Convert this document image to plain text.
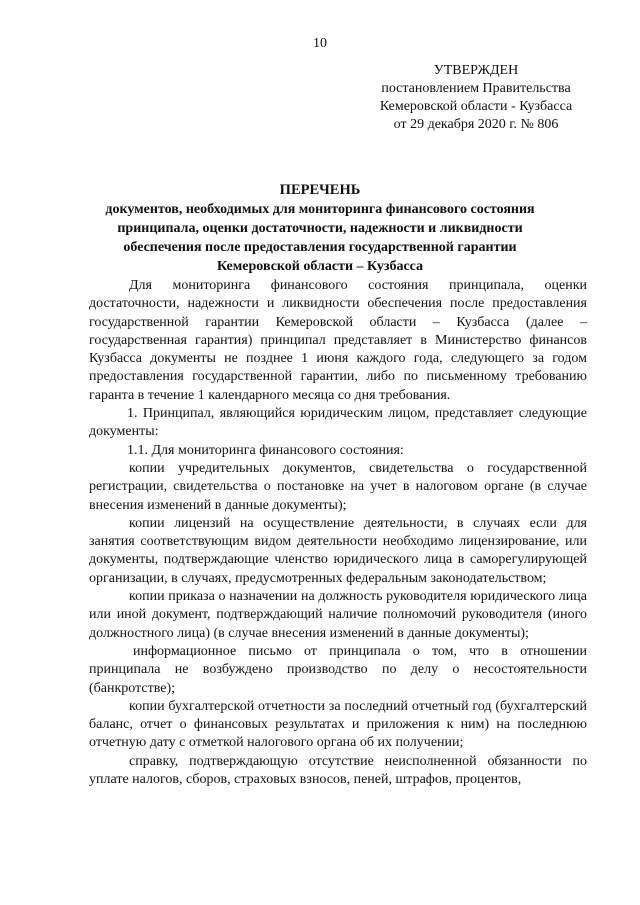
10
УТВЕРЖДЕН
постановлением Правительства
Кемеровской области - Кузбасса
от 29 декабря 2020 г. № 806
ПЕРЕЧЕНЬ
документов, необходимых для мониторинга финансового состояния
принципала, оценки достаточности, надежности и ликвидности
обеспечения после предоставления государственной гарантии
Кемеровской области – Кузбасса

Для мониторинга финансового состояния принципала, оценки достаточности, надежности и ликвидности обеспечения после предоставления государственной гарантии Кемеровской области – Кузбасса (далее – государственная гарантия) принципал представляет в Министерство финансов Кузбасса документы не позднее 1 июня каждого года, следующего за годом предоставления государственной гарантии, либо по письменному требованию гаранта в течение 1 календарного месяца со дня требования.

1. Принципал, являющийся юридическим лицом, представляет следующие документы:

1.1. Для мониторинга финансового состояния:

копии учредительных документов, свидетельства о государственной регистрации, свидетельства о постановке на учет в налоговом органе (в случае внесения изменений в данные документы);

копии лицензий на осуществление деятельности, в случаях если для занятия соответствующим видом деятельности необходимо лицензирование, или документы, подтверждающие членство юридического лица в саморегулирующей организации, в случаях, предусмотренных федеральным законодательством;

копии приказа о назначении на должность руководителя юридического лица или иной документ, подтверждающий наличие полномочий руководителя (иного должностного лица) (в случае внесения изменений в данные документы);

информационное письмо от принципала о том, что в отношении принципала не возбуждено производство по делу о несостоятельности (банкротстве);

копии бухгалтерской отчетности за последний отчетный год (бухгалтерский баланс, отчет о финансовых результатах и приложения к ним) на последнюю отчетную дату с отметкой налогового органа об их получении;

справку, подтверждающую отсутствие неисполненной обязанности по уплате налогов, сборов, страховых взносов, пеней, штрафов, процентов,
